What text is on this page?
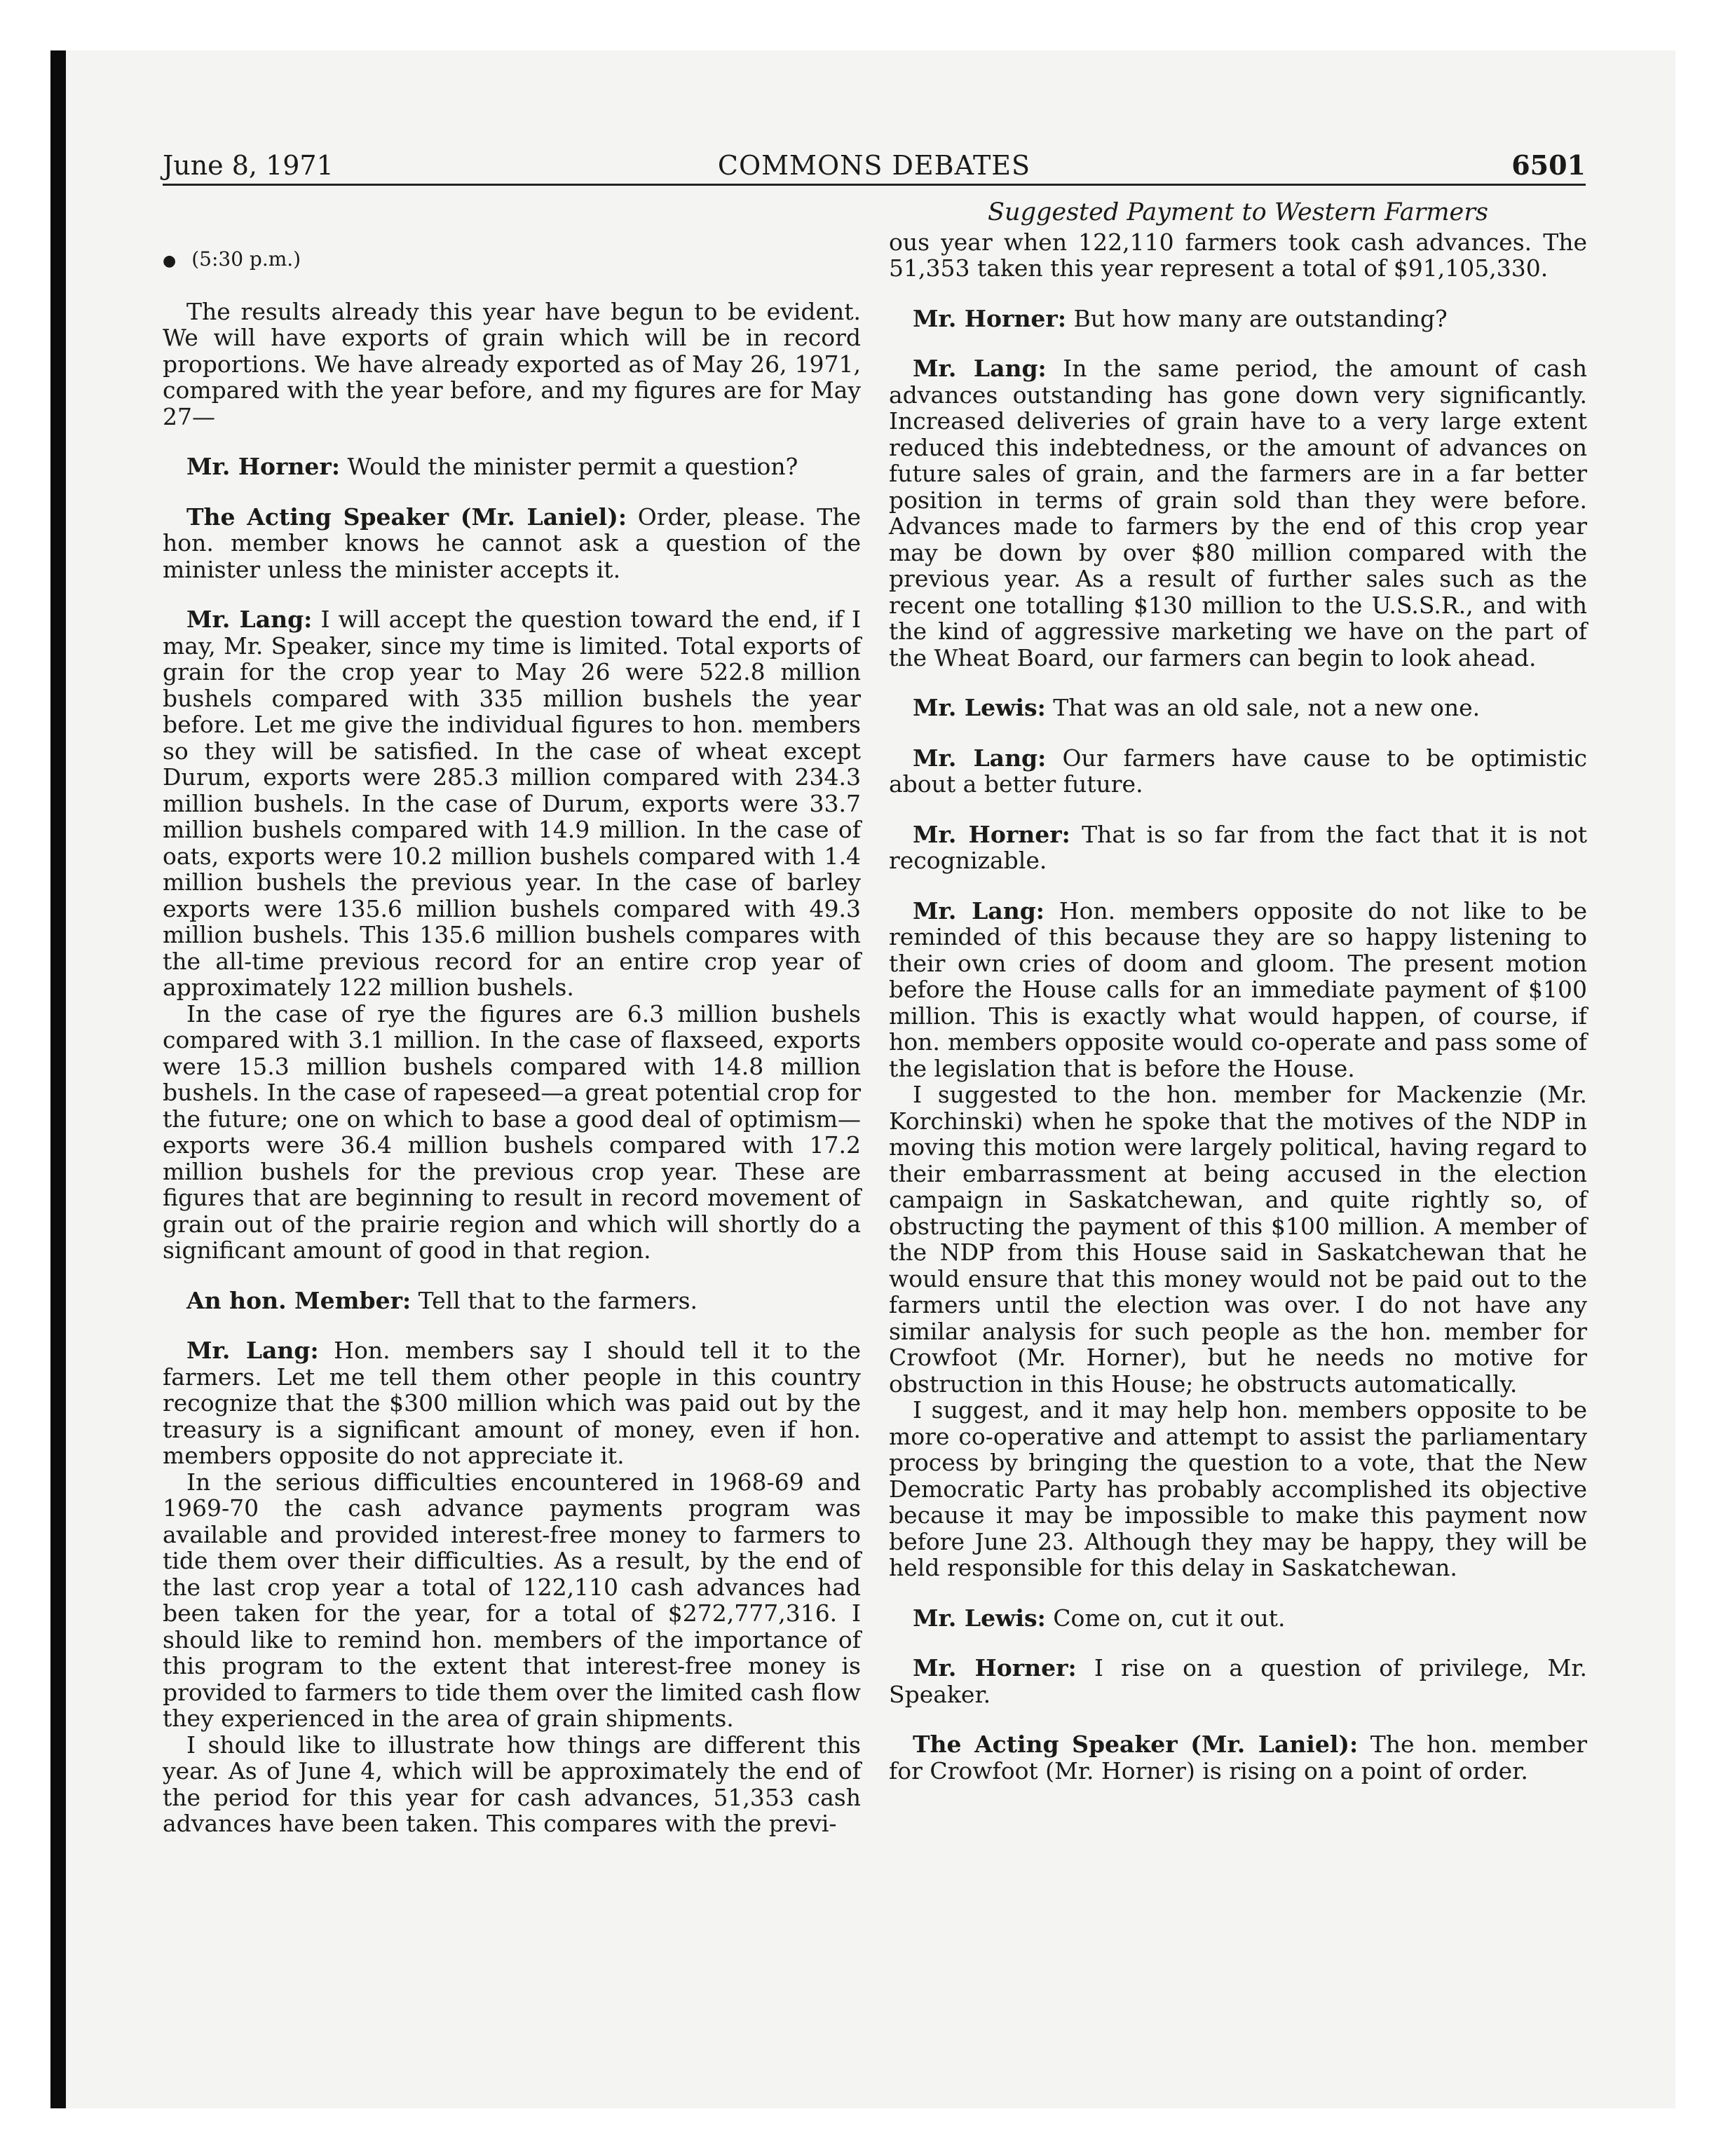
June 8, 1971	COMMONS DEBATES	6501
● (5:30 p.m.)

The results already this year have begun to be evident. We will have exports of grain which will be in record proportions. We have already exported as of May 26, 1971, compared with the year before, and my figures are for May 27—

Mr. Horner: Would the minister permit a question?

The Acting Speaker (Mr. Laniel): Order, please. The hon. member knows he cannot ask a question of the minister unless the minister accepts it.

Mr. Lang: I will accept the question toward the end, if I may, Mr. Speaker, since my time is limited. Total exports of grain for the crop year to May 26 were 522.8 million bushels compared with 335 million bushels the year before. Let me give the individual figures to hon. members so they will be satisfied. In the case of wheat except Durum, exports were 285.3 million compared with 234.3 million bushels. In the case of Durum, exports were 33.7 million bushels compared with 14.9 million. In the case of oats, exports were 10.2 million bushels compared with 1.4 million bushels the previous year. In the case of barley exports were 135.6 million bushels compared with 49.3 million bushels. This 135.6 million bushels compares with the all-time previous record for an entire crop year of approximately 122 million bushels.

In the case of rye the figures are 6.3 million bushels compared with 3.1 million. In the case of flaxseed, exports were 15.3 million bushels compared with 14.8 million bushels. In the case of rapeseed—a great potential crop for the future; one on which to base a good deal of optimism—exports were 36.4 million bushels compared with 17.2 million bushels for the previous crop year. These are figures that are beginning to result in record movement of grain out of the prairie region and which will shortly do a significant amount of good in that region.

An hon. Member: Tell that to the farmers.

Mr. Lang: Hon. members say I should tell it to the farmers. Let me tell them other people in this country recognize that the $300 million which was paid out by the treasury is a significant amount of money, even if hon. members opposite do not appreciate it.

In the serious difficulties encountered in 1968-69 and 1969-70 the cash advance payments program was available and provided interest-free money to farmers to tide them over their difficulties. As a result, by the end of the last crop year a total of 122,110 cash advances had been taken for the year, for a total of $272,777,316. I should like to remind hon. members of the importance of this program to the extent that interest-free money is provided to farmers to tide them over the limited cash flow they experienced in the area of grain shipments.

I should like to illustrate how things are different this year. As of June 4, which will be approximately the end of the period for this year for cash advances, 51,353 cash advances have been taken. This compares with the previ-

Suggested Payment to Western Farmers

ous year when 122,110 farmers took cash advances. The 51,353 taken this year represent a total of $91,105,330.

Mr. Horner: But how many are outstanding?

Mr. Lang: In the same period, the amount of cash advances outstanding has gone down very significantly. Increased deliveries of grain have to a very large extent reduced this indebtedness, or the amount of advances on future sales of grain, and the farmers are in a far better position in terms of grain sold than they were before. Advances made to farmers by the end of this crop year may be down by over $80 million compared with the previous year. As a result of further sales such as the recent one totalling $130 million to the U.S.S.R., and with the kind of aggressive marketing we have on the part of the Wheat Board, our farmers can begin to look ahead.

Mr. Lewis: That was an old sale, not a new one.

Mr. Lang: Our farmers have cause to be optimistic about a better future.

Mr. Horner: That is so far from the fact that it is not recognizable.

Mr. Lang: Hon. members opposite do not like to be reminded of this because they are so happy listening to their own cries of doom and gloom. The present motion before the House calls for an immediate payment of $100 million. This is exactly what would happen, of course, if hon. members opposite would co-operate and pass some of the legislation that is before the House.

I suggested to the hon. member for Mackenzie (Mr. Korchinski) when he spoke that the motives of the NDP in moving this motion were largely political, having regard to their embarrassment at being accused in the election campaign in Saskatchewan, and quite rightly so, of obstructing the payment of this $100 million. A member of the NDP from this House said in Saskatchewan that he would ensure that this money would not be paid out to the farmers until the election was over. I do not have any similar analysis for such people as the hon. member for Crowfoot (Mr. Horner), but he needs no motive for obstruction in this House; he obstructs automatically.

I suggest, and it may help hon. members opposite to be more co-operative and attempt to assist the parliamentary process by bringing the question to a vote, that the New Democratic Party has probably accomplished its objective because it may be impossible to make this payment now before June 23. Although they may be happy, they will be held responsible for this delay in Saskatchewan.

Mr. Lewis: Come on, cut it out.

Mr. Horner: I rise on a question of privilege, Mr. Speaker.

The Acting Speaker (Mr. Laniel): The hon. member for Crowfoot (Mr. Horner) is rising on a point of order.
